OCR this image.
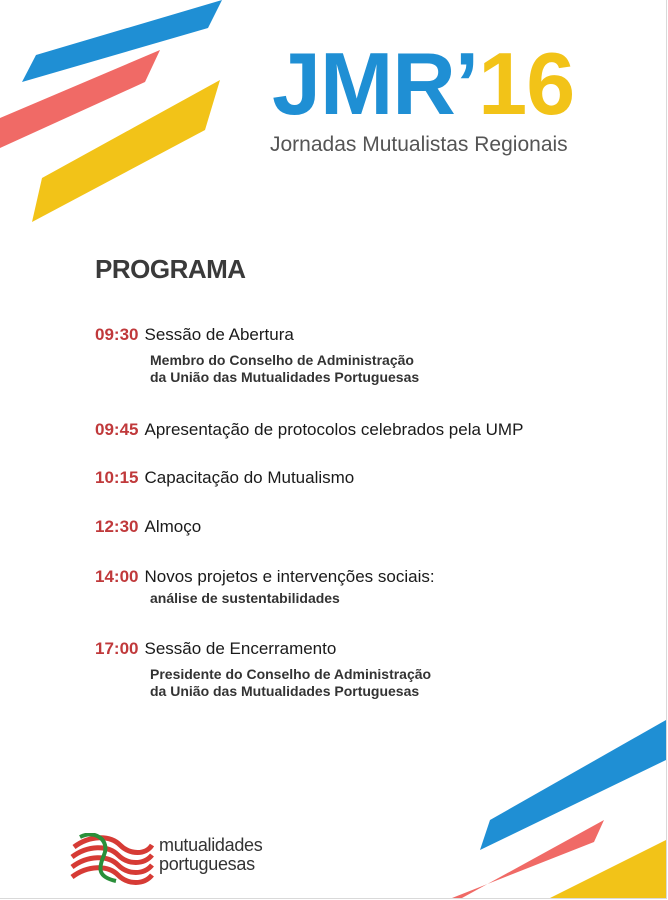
JMR’16
Jornadas Mutualistas Regionais
PROGRAMA
09:30 Sessão de Abertura
Membro do Conselho de Administração
da União das Mutualidades Portuguesas
09:45 Apresentação de protocolos celebrados pela UMP
10:15 Capacitação do Mutualismo
12:30 Almoço
14:00 Novos projetos e intervenções sociais:
análise de sustentabilidades
17:00 Sessão de Encerramento
Presidente do Conselho de Administração
da União das Mutualidades Portuguesas
mutualidades
portuguesas
